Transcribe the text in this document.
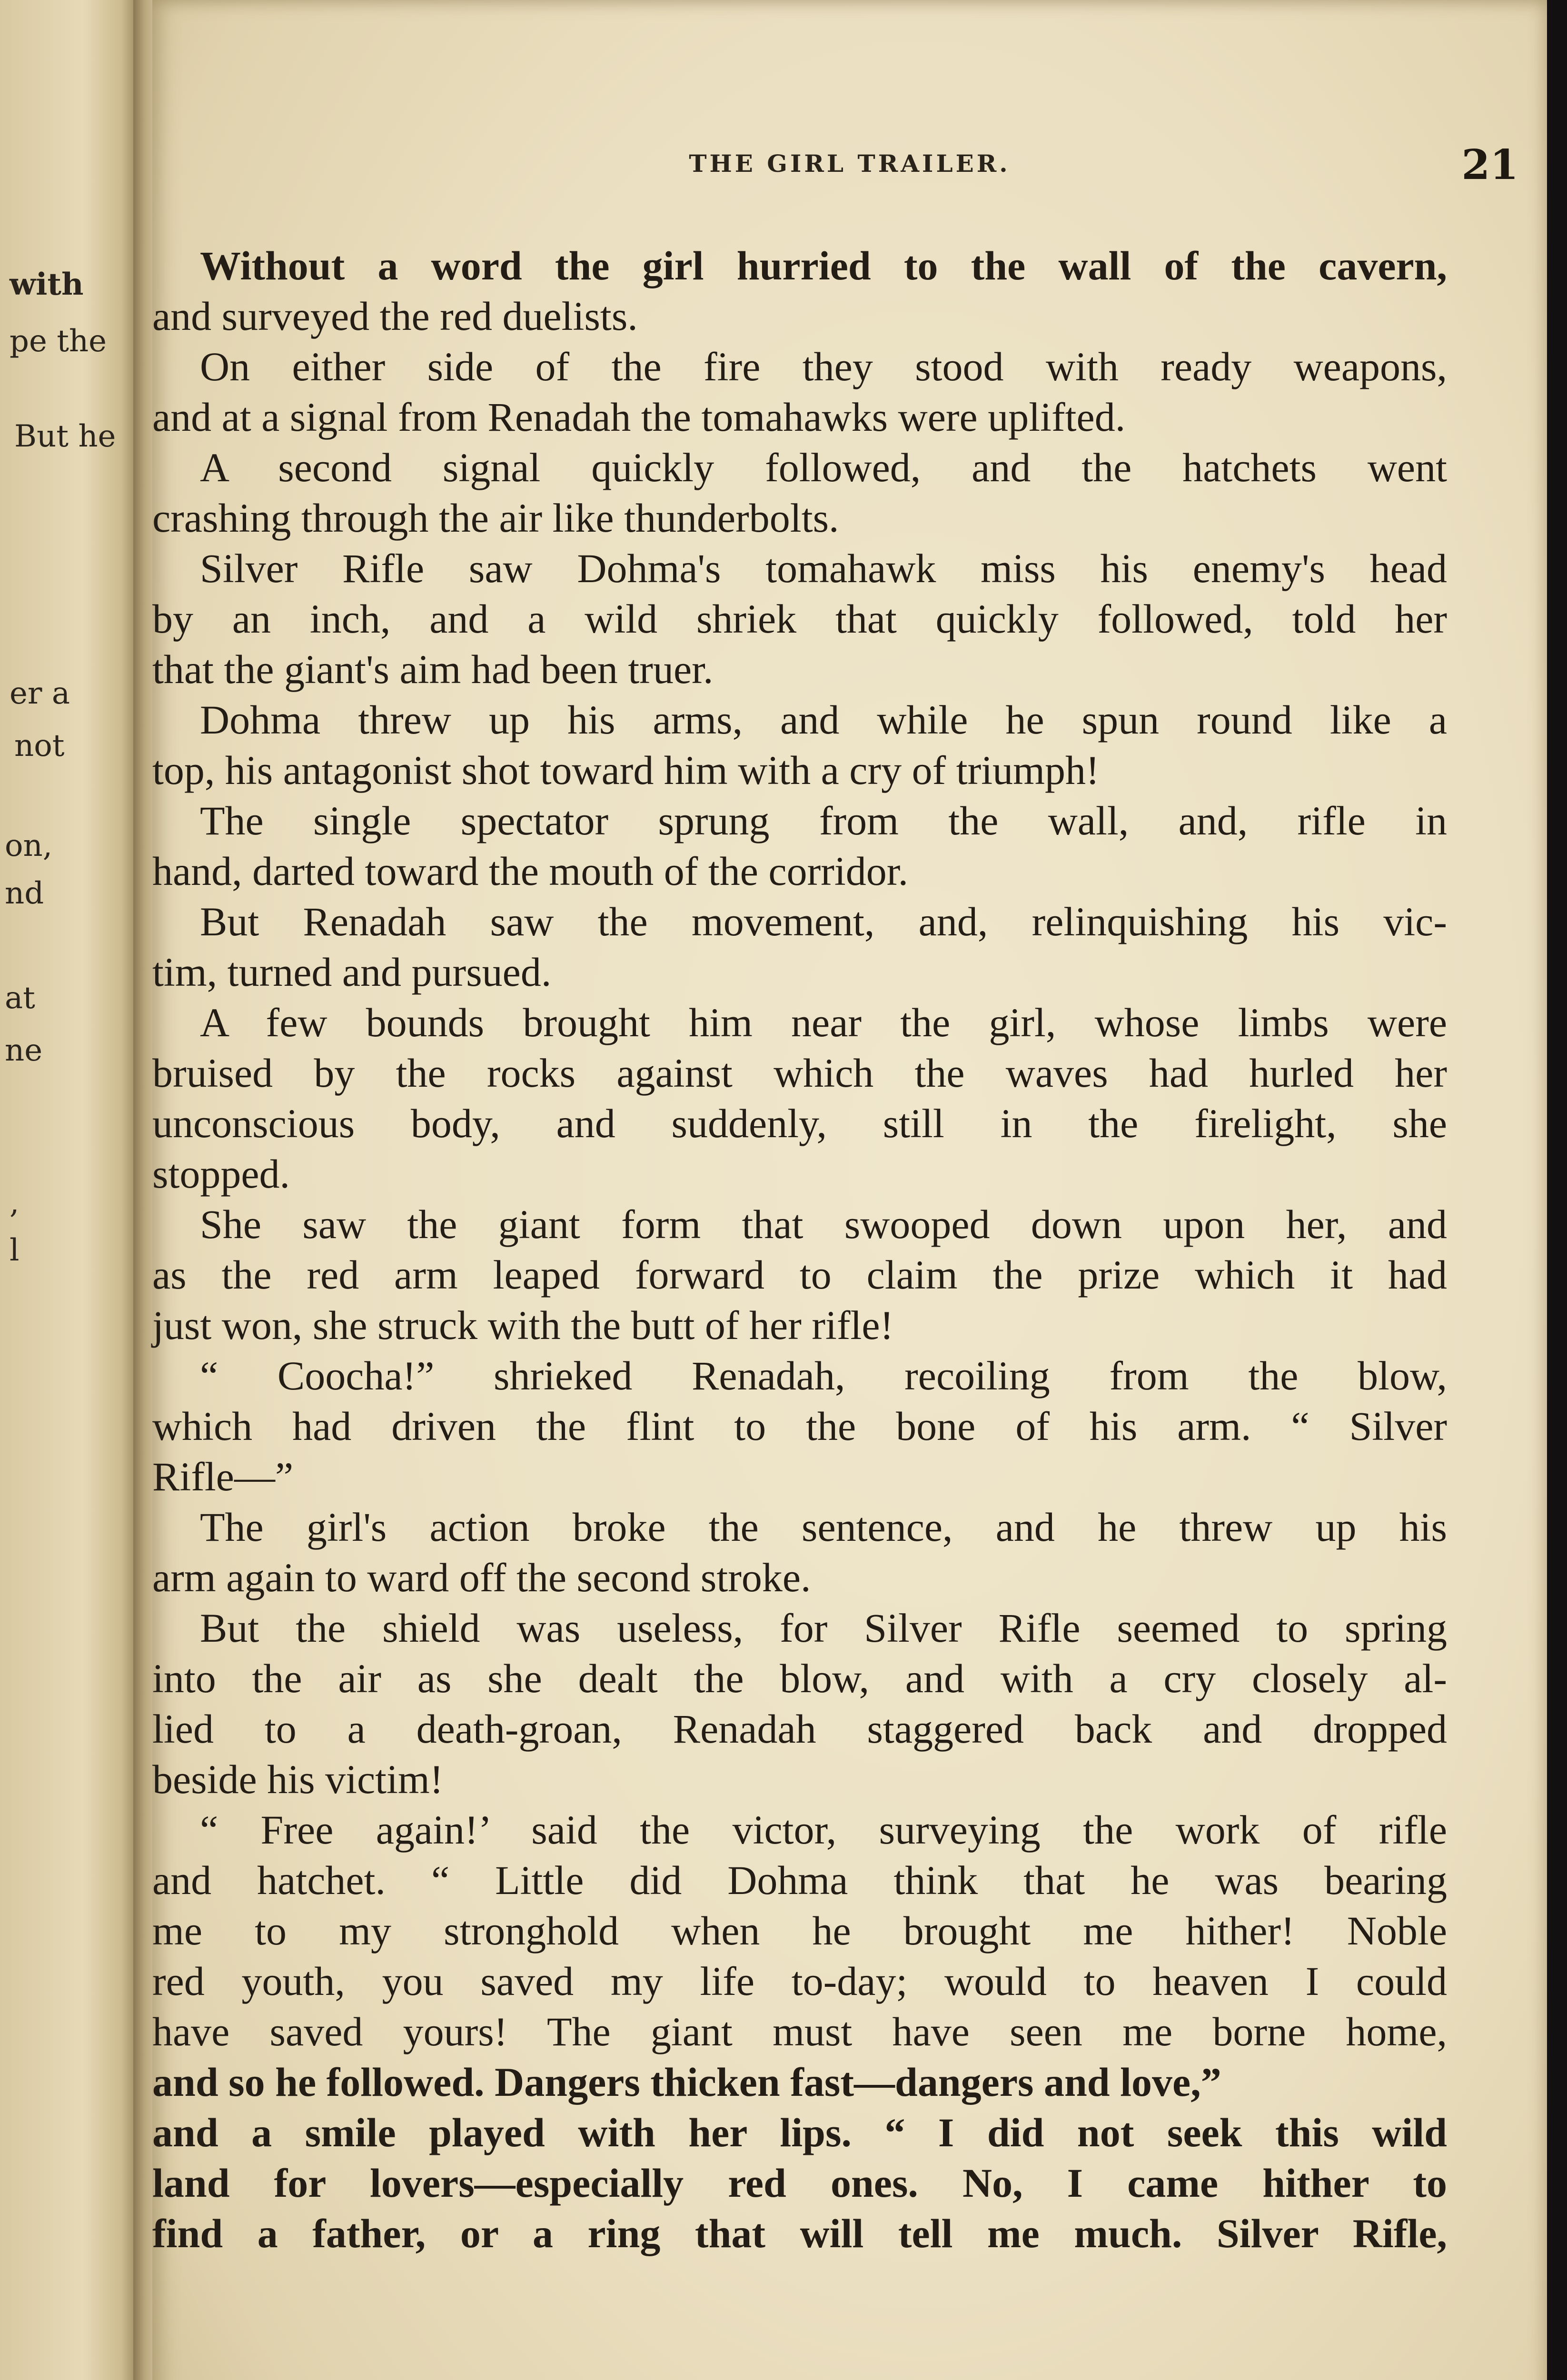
with
pe the
But he
er a
not
on,
nd
at
ne
,
l
THE GIRL TRAILER.	21
Without a word the girl hurried to the wall of the cavern,
and surveyed the red duelists.
On either side of the fire they stood with ready weapons,
and at a signal from Renadah the tomahawks were uplifted.
A second signal quickly followed, and the hatchets went
crashing through the air like thunderbolts.
Silver Rifle saw Dohma's tomahawk miss his enemy's head
by an inch, and a wild shriek that quickly followed, told her
that the giant's aim had been truer.
Dohma threw up his arms, and while he spun round like a
top, his antagonist shot toward him with a cry of triumph!
The single spectator sprung from the wall, and, rifle in
hand, darted toward the mouth of the corridor.
But Renadah saw the movement, and, relinquishing his vic-
tim, turned and pursued.
A few bounds brought him near the girl, whose limbs were
bruised by the rocks against which the waves had hurled her
unconscious body, and suddenly, still in the firelight, she
stopped.
She saw the giant form that swooped down upon her, and
as the red arm leaped forward to claim the prize which it had
just won, she struck with the butt of her rifle!
“ Coocha!” shrieked Renadah, recoiling from the blow,
which had driven the flint to the bone of his arm. “ Silver
Rifle—”
The girl's action broke the sentence, and he threw up his
arm again to ward off the second stroke.
But the shield was useless, for Silver Rifle seemed to spring
into the air as she dealt the blow, and with a cry closely al-
lied to a death-groan, Renadah staggered back and dropped
beside his victim!
“ Free again!’ said the victor, surveying the work of rifle
and hatchet. “ Little did Dohma think that he was bearing
me to my stronghold when he brought me hither! Noble
red youth, you saved my life to-day; would to heaven I could
have saved yours! The giant must have seen me borne home,
and so he followed. Dangers thicken fast—dangers and love,”
and a smile played with her lips. “ I did not seek this wild
land for lovers—especially red ones. No, I came hither to
find a father, or a ring that will tell me much. Silver Rifle,
